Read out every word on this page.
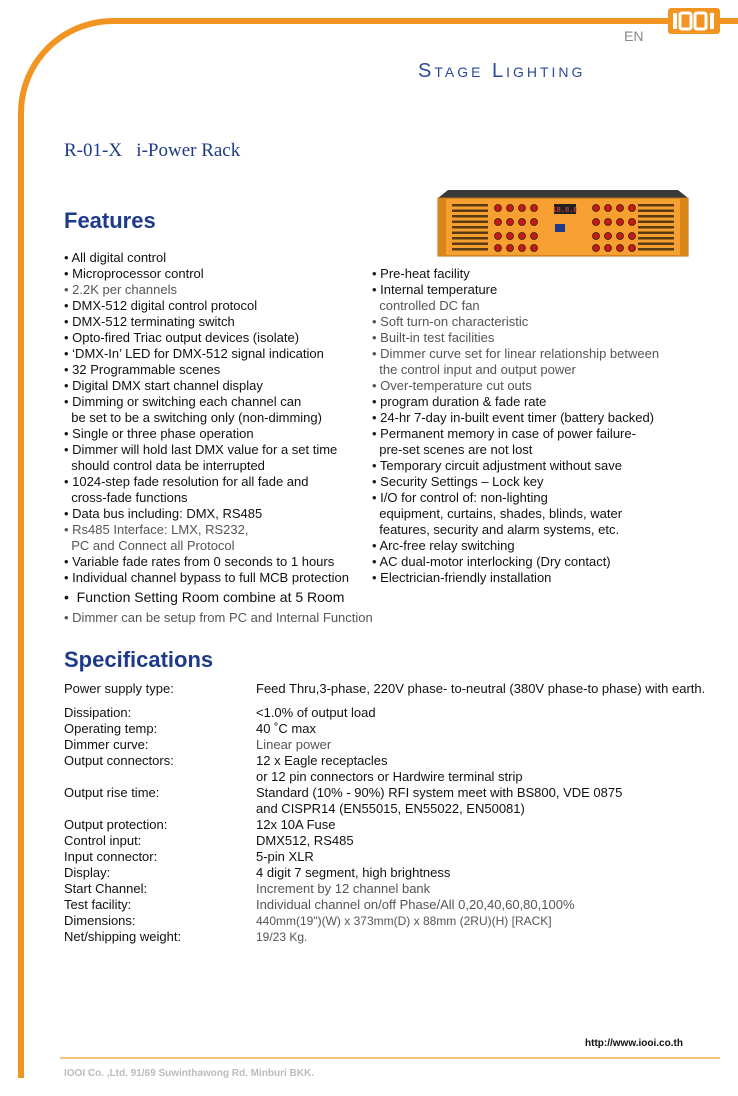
EN
Stage Lighting
R-01-X   i-Power Rack
Features	18.8.8
• All digital control
• Microprocessor control
• 2.2K per channels
• DMX-512 digital control protocol
• DMX-512 terminating switch
• Opto-fired Triac output devices (isolate)
• ‘DMX-In’ LED for DMX-512 signal indication
• 32 Programmable scenes
• Digital DMX start channel display
• Dimming or switching each channel can
be set to be a switching only (non-dimming)
• Single or three phase operation
• Dimmer will hold last DMX value for a set time
should control data be interrupted
• 1024-step fade resolution for all fade and
cross-fade functions
• Data bus including: DMX, RS485
• Rs485 Interface: LMX, RS232,
PC and Connect all Protocol
• Variable fade rates from 0 seconds to 1 hours
• Individual channel bypass to full MCB protection
•  Function Setting Room combine at 5 Room
• Dimmer can be setup from PC and Internal Function
• Pre-heat facility
• Internal temperature
controlled DC fan
• Soft turn-on characteristic
• Built-in test facilities
• Dimmer curve set for linear relationship between
the control input and output power
• Over-temperature cut outs
• program duration & fade rate
• 24-hr 7-day in-built event timer (battery backed)
• Permanent memory in case of power failure-
pre-set scenes are not lost
• Temporary circuit adjustment without save
• Security Settings – Lock key
• I/O for control of: non-lighting
equipment, curtains, shades, blinds, water
features, security and alarm systems, etc.
• Arc-free relay switching
• AC dual-motor interlocking (Dry contact)
• Electrician-friendly installation
Specifications
Power supply type:	Feed Thru,3-phase, 220V phase- to-neutral (380V phase-to phase) with earth.
Dissipation:	<1.0% of output load
Operating temp:	40 ˚C max
Dimmer curve:	Linear power
Output connectors:	12 x Eagle receptacles
or 12 pin connectors or Hardwire terminal strip
Output rise time:	Standard (10% - 90%) RFI system meet with BS800, VDE 0875
and CISPR14 (EN55015, EN55022, EN50081)
Output protection:	12x 10A Fuse
Control input:	DMX512, RS485
Input connector:	5-pin XLR
Display:	4 digit 7 segment, high brightness
Start Channel:	Increment by 12 channel bank
Test facility:	Individual channel on/off Phase/All 0,20,40,60,80,100%
Dimensions:	440mm(19")(W) x 373mm(D) x 88mm (2RU)(H) [RACK]
Net/shipping weight:	19/23 Kg.
http://www.iooi.co.th
IOOI Co. ,Ltd. 91/69 Suwinthawong Rd. Minburi BKK.
